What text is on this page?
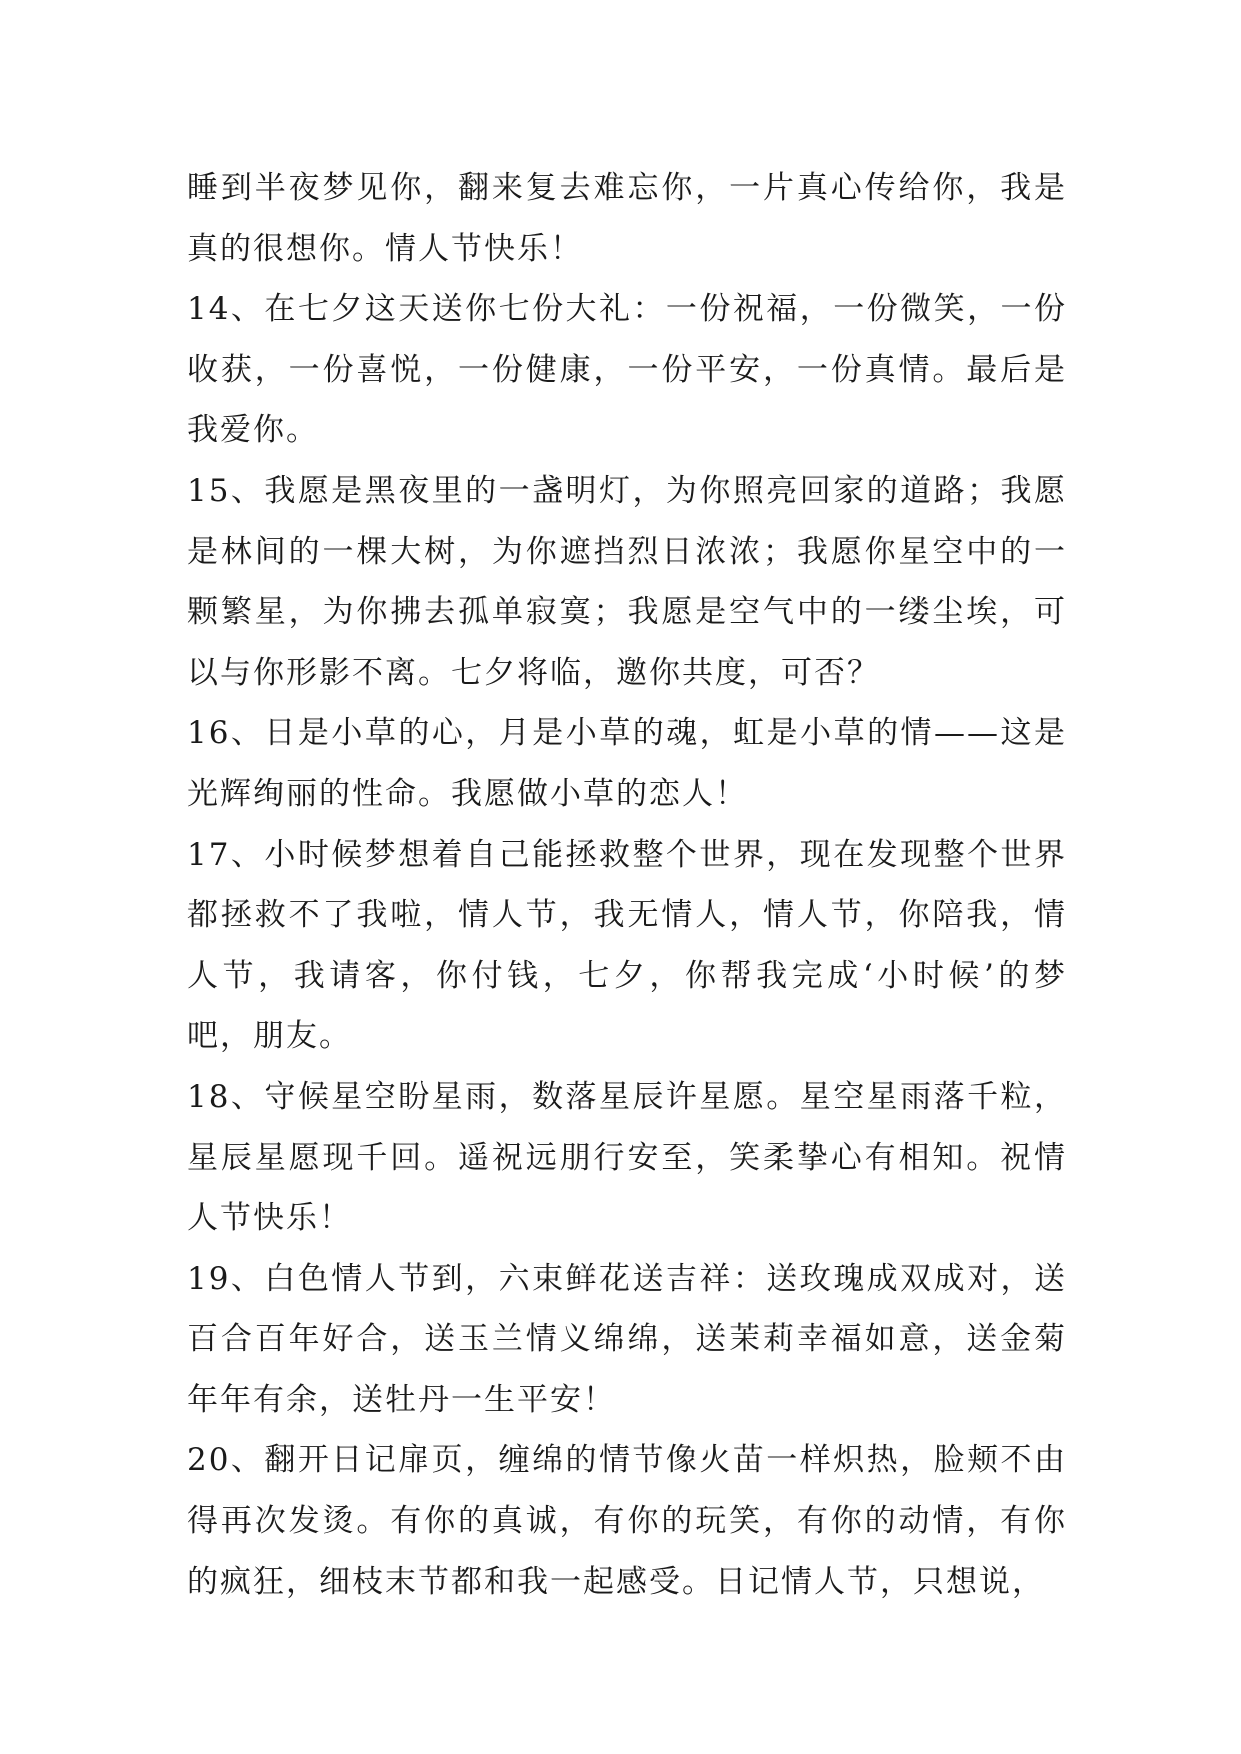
睡到半夜梦见你，翻来复去难忘你，一片真心传给你，我是真的很想你。情人节快乐！

14、在七夕这天送你七份大礼：一份祝福，一份微笑，一份收获，一份喜悦，一份健康，一份平安，一份真情。最后是我爱你。

15、我愿是黑夜里的一盏明灯，为你照亮回家的道路；我愿是林间的一棵大树，为你遮挡烈日浓浓；我愿你星空中的一颗繁星，为你拂去孤单寂寞；我愿是空气中的一缕尘埃，可以与你形影不离。七夕将临，邀你共度，可否？

16、日是小草的心，月是小草的魂，虹是小草的情——这是光辉绚丽的性命。我愿做小草的恋人！

17、小时候梦想着自己能拯救整个世界，现在发现整个世界都拯救不了我啦，情人节，我无情人，情人节，你陪我，情人节，我请客，你付钱，七夕，你帮我完成‘小时候’的梦吧，朋友。

18、守候星空盼星雨，数落星辰许星愿。星空星雨落千粒，星辰星愿现千回。遥祝远朋行安至，笑柔挚心有相知。祝情人节快乐！

19、白色情人节到，六束鲜花送吉祥：送玫瑰成双成对，送百合百年好合，送玉兰情义绵绵，送茉莉幸福如意，送金菊年年有余，送牡丹一生平安！

20、翻开日记扉页，缠绵的情节像火苗一样炽热，脸颊不由得再次发烫。有你的真诚，有你的玩笑，有你的动情，有你的疯狂，细枝末节都和我一起感受。日记情人节，只想说，
